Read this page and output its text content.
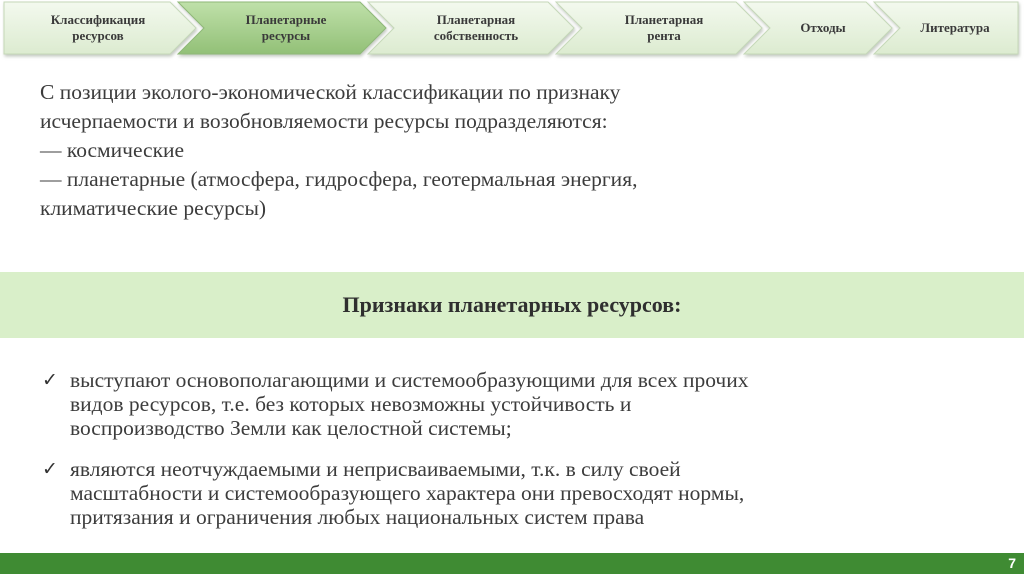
Классификация
ресурсов
Планетарные
ресурсы
Планетарная
собственность
Планетарная
рента
Отходы	Литература

С позиции эколого-экономической классификации по признаку

исчерпаемости и возобновляемости ресурсы подразделяются:

— космические

— планетарные (атмосфера, гидросфера, геотермальная энергия,

климатические ресурсы)

Признаки планетарных ресурсов:
✓ выступают основополагающими и системообразующими для всех прочих
видов ресурсов, т.е. без которых невозможны устойчивость и
воспроизводство Земли как целостной системы;
✓ являются неотчуждаемыми и неприсваиваемыми, т.к. в силу своей
масштабности и системообразующего характера они превосходят нормы,
притязания и ограничения любых национальных систем права
7
